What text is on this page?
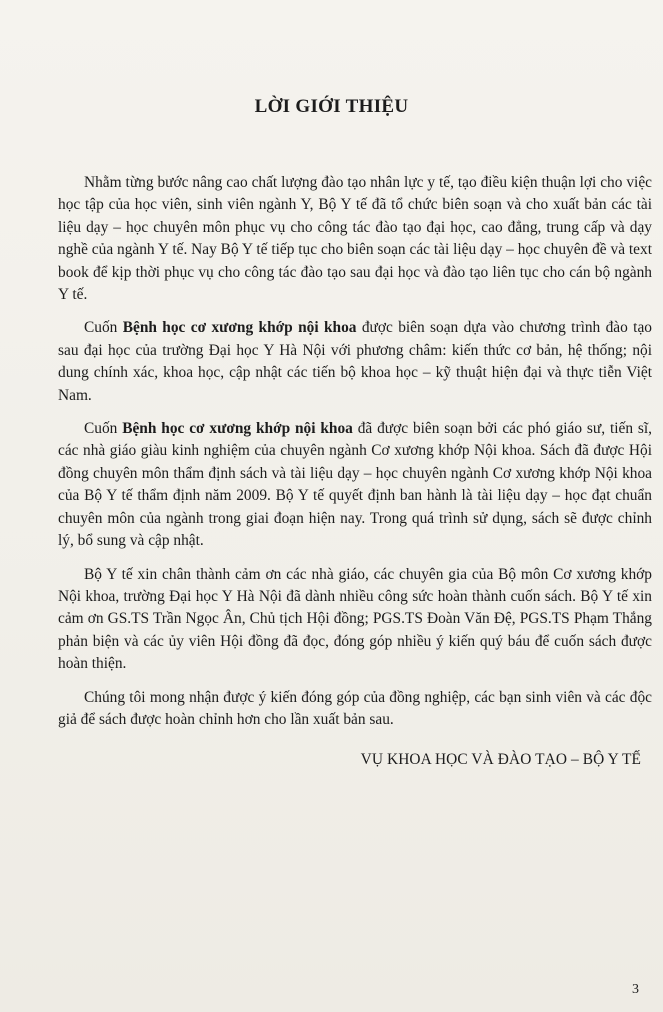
LỜI GIỚI THIỆU

Nhằm từng bước nâng cao chất lượng đào tạo nhân lực y tế, tạo điều kiện thuận lợi cho việc học tập của học viên, sinh viên ngành Y, Bộ Y tế đã tổ chức biên soạn và cho xuất bản các tài liệu dạy – học chuyên môn phục vụ cho công tác đào tạo đại học, cao đẳng, trung cấp và dạy nghề của ngành Y tế. Nay Bộ Y tế tiếp tục cho biên soạn các tài liệu dạy – học chuyên đề và text book để kịp thời phục vụ cho công tác đào tạo sau đại học và đào tạo liên tục cho cán bộ ngành Y tế.

Cuốn Bệnh học cơ xương khớp nội khoa được biên soạn dựa vào chương trình đào tạo sau đại học của trường Đại học Y Hà Nội với phương châm: kiến thức cơ bản, hệ thống; nội dung chính xác, khoa học, cập nhật các tiến bộ khoa học – kỹ thuật hiện đại và thực tiễn Việt Nam.

Cuốn Bệnh học cơ xương khớp nội khoa đã được biên soạn bởi các phó giáo sư, tiến sĩ, các nhà giáo giàu kinh nghiệm của chuyên ngành Cơ xương khớp Nội khoa. Sách đã được Hội đồng chuyên môn thẩm định sách và tài liệu dạy – học chuyên ngành Cơ xương khớp Nội khoa của Bộ Y tế thẩm định năm 2009. Bộ Y tế quyết định ban hành là tài liệu dạy – học đạt chuẩn chuyên môn của ngành trong giai đoạn hiện nay. Trong quá trình sử dụng, sách sẽ được chỉnh lý, bổ sung và cập nhật.

Bộ Y tế xin chân thành cảm ơn các nhà giáo, các chuyên gia của Bộ môn Cơ xương khớp Nội khoa, trường Đại học Y Hà Nội đã dành nhiều công sức hoàn thành cuốn sách. Bộ Y tế xin cảm ơn GS.TS Trần Ngọc Ân, Chủ tịch Hội đồng; PGS.TS Đoàn Văn Đệ, PGS.TS Phạm Thắng phản biện và các ủy viên Hội đồng đã đọc, đóng góp nhiều ý kiến quý báu để cuốn sách được hoàn thiện.

Chúng tôi mong nhận được ý kiến đóng góp của đồng nghiệp, các bạn sinh viên và các độc giả để sách được hoàn chỉnh hơn cho lần xuất bản sau.

VỤ KHOA HỌC VÀ ĐÀO TẠO – BỘ Y TẾ
3
